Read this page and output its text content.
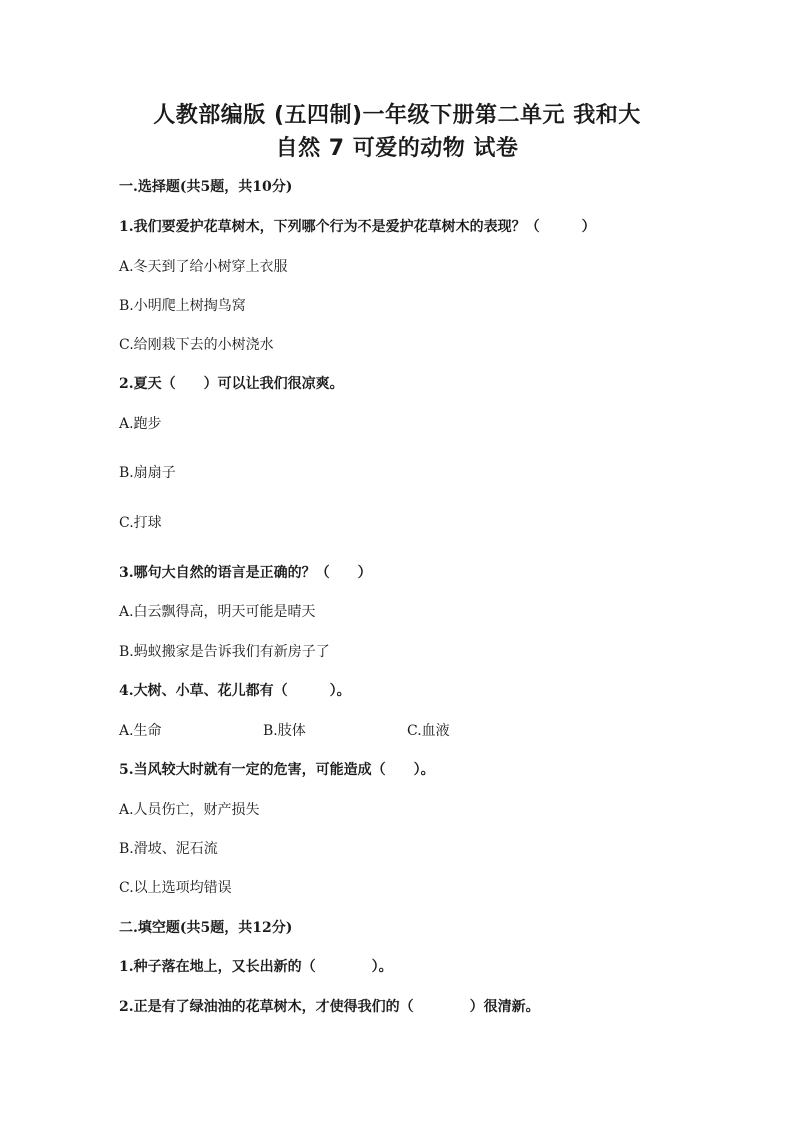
人教部编版 (五四制)一年级下册第二单元 我和大
自然 7 可爱的动物 试卷
一.选择题(共5题，共10分)
1.我们要爱护花草树木，下列哪个行为不是爱护花草树木的表现？（　　　）
A.冬天到了给小树穿上衣服
B.小明爬上树掏鸟窝
C.给刚栽下去的小树浇水
2.夏天（　　）可以让我们很凉爽。
A.跑步
B.扇扇子
C.打球
3.哪句大自然的语言是正确的？（　　）
A.白云飘得高，明天可能是晴天
B.蚂蚁搬家是告诉我们有新房子了
4.大树、小草、花儿都有（　　　）。
A.生命	B.肢体	C.血液
5.当风较大时就有一定的危害，可能造成（　　）。
A.人员伤亡，财产损失
B.滑坡、泥石流
C.以上选项均错误
二.填空题(共5题，共12分)
1.种子落在地上，又长出新的（　　　　）。
2.正是有了绿油油的花草树木，才使得我们的（　　　　）很清新。
